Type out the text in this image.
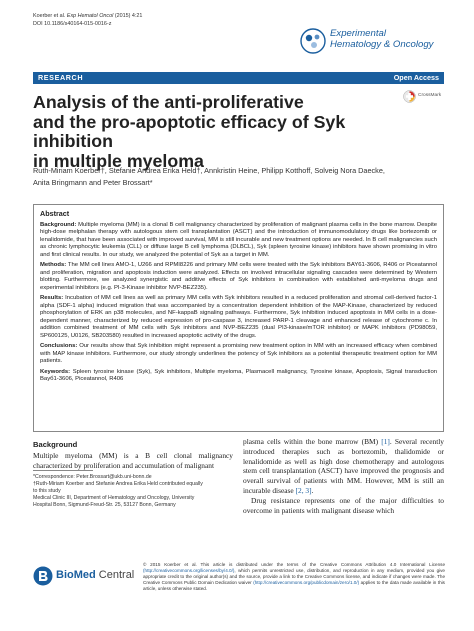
Koerber et al. Exp Hematol Oncol (2015) 4:21
DOI 10.1186/s40164-015-0016-z
Experimental
Hematology & Oncology
RESEARCH	Open Access
CrossMark
Analysis of the anti-proliferative
and the pro-apoptotic efficacy of Syk inhibition
in multiple myeloma
Ruth-Miriam Koerber†, Stefanie Andrea Erika Held†, Annkristin Heine, Philipp Kotthoff, Solveig Nora Daecke,
Anita Bringmann and Peter Brossart*
Abstract

Background: Multiple myeloma (MM) is a clonal B cell malignancy characterized by proliferation of malignant plasma cells in the bone marrow. Despite high-dose melphalan therapy with autologous stem cell transplantation (ASCT) and the introduction of immunomodulatory drugs like bortezomib or lenalidomide, that have been associated with improved survival, MM is still incurable and new treatment options are needed. In B cell malignancies such as chronic lymphocytic leukemia (CLL) or diffuse large B cell lymphoma (DLBCL), Syk (spleen tyrosine kinase) inhibitors have shown promising in vitro and first clinical results. In our study, we analyzed the potential of Syk as a target in MM.

Methods: The MM cell lines AMO-1, U266 and RPMI8226 and primary MM cells were treated with the Syk inhibitors BAY61-3606, R406 or Piceatannol and proliferation, migration and apoptosis induction were analyzed. Effects on involved intracellular signaling cascades were determined by Western blotting. Furthermore, we analyzed synergistic and additive effects of Syk inhibitors in combination with established anti-myeloma drugs and experimental inhibitors (e.g. PI-3-Kinase inhibitor NVP-BEZ235).

Results: Incubation of MM cell lines as well as primary MM cells with Syk inhibitors resulted in a reduced proliferation and stromal cell-derived factor-1 alpha (SDF-1 alpha) induced migration that was accompanied by a concentration dependent inhibition of the MAP-Kinase, characterized by reduced phosphorylation of ERK an p38 molecules, and NF-kappaB signaling pathways. Furthermore, Syk inhibition induced apoptosis in MM cells in a dose-dependent manner, characterized by reduced expression of pro-caspase 3, increased PARP-1 cleavage and enhanced release of cytochrome c. In addition combined treatment of MM cells with Syk inhibitors and NVP-BEZ235 (dual PI3-kinase/mTOR inhibitor) or MAPK inhibitors (PD98059, SP600125, U0126, SB203580) resulted in increased apoptotic activity of the drugs.

Conclusions: Our results show that Syk inhibition might represent a promising new treatment option in MM with an increased efficacy when combined with MAP kinase inhibitors. Furthermore, our study strongly underlines the potency of Syk inhibitors as a potential therapeutic treatment option for MM patients.

Keywords: Spleen tyrosine kinase (Syk), Syk inhibitors, Multiple myeloma, Plasmacell malignancy, Tyrosine kinase, Apoptosis, Signal transduction Bayб1-3606, Piceatannol, R406

Background

Multiple myeloma (MM) is a B cell clonal malignancy characterized by proliferation and accumulation of malignant

*Correspondence: Peter.Brossart@ukb.uni-bonn.de
†Ruth-Miriam Koerber and Stefanie Andrea Erika Held contributed equally
to this study
Medical Clinic III, Department of Hematology and Oncology, University
Hospital Bonn, Sigmund-Freud-Str. 25, 53127 Bonn, Germany

plasma cells within the bone marrow (BM) [1]. Several recently introduced therapies such as bortezomib, thalidomide or lenalidomide as well as high dose chemotherapy and autologous stem cell transplantation (ASCT) have improved the prognosis and overall survival of patients with MM. However, MM is still an incurable disease [2, 3].

Drug resistance represents one of the major difficulties to overcome in patients with malignant disease which

BioMed Central
© 2015 Koerber et al. This article is distributed under the terms of the Creative Commons Attribution 4.0 International License (http://creativecommons.org/licenses/by/4.0/), which permits unrestricted use, distribution, and reproduction in any medium, provided you give appropriate credit to the original author(s) and the source, provide a link to the Creative Commons license, and indicate if changes were made. The Creative Commons Public Domain Dedication waiver (http://creativecommons.org/publicdomain/zero/1.0/) applies to the data made available in this article, unless otherwise stated.
